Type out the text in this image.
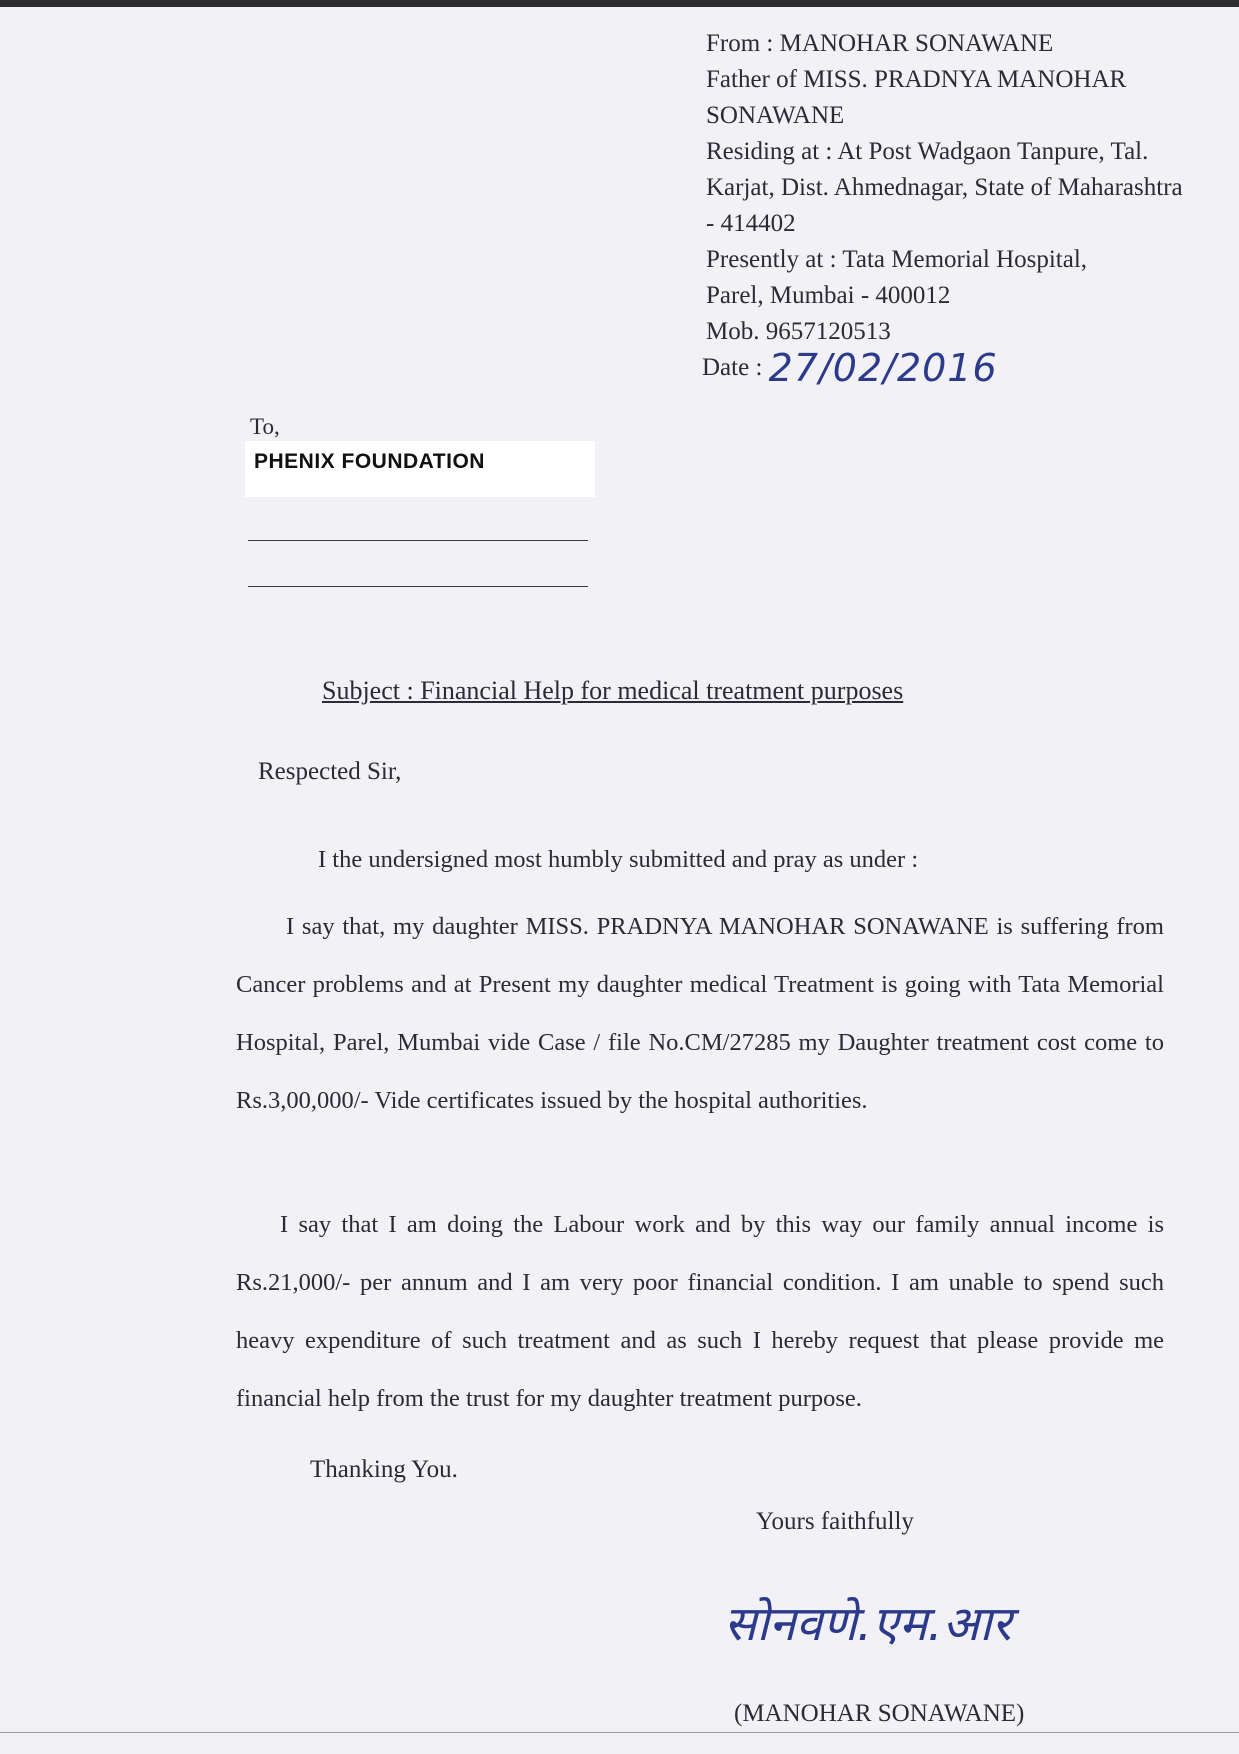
From : MANOHAR SONAWANE
Father of MISS. PRADNYA MANOHAR
SONAWANE
Residing at : At Post Wadgaon Tanpure, Tal.
Karjat, Dist. Ahmednagar, State of Maharashtra
- 414402
Presently at : Tata Memorial Hospital,
Parel, Mumbai - 400012
Mob. 9657120513
Date : 27/02/2016
To,
PHENIX FOUNDATION
Subject : Financial Help for medical treatment purposes
Respected Sir,
I the undersigned most humbly submitted and pray as under :
I say that, my daughter MISS. PRADNYA MANOHAR SONAWANE is suffering from Cancer problems and at Present my daughter medical Treatment is going with Tata Memorial Hospital, Parel, Mumbai vide Case / file No.CM/27285 my Daughter treatment cost come to Rs.3,00,000/- Vide certificates issued by the hospital authorities.
I say that I am doing the Labour work and by this way our family annual income is Rs.21,000/- per annum and I am very poor financial condition. I am unable to spend such heavy expenditure of such treatment and as such I hereby request that please provide me financial help from the trust for my daughter treatment purpose.
Thanking You.
Yours faithfully
सोनवणे.एम.आर
(MANOHAR SONAWANE)
